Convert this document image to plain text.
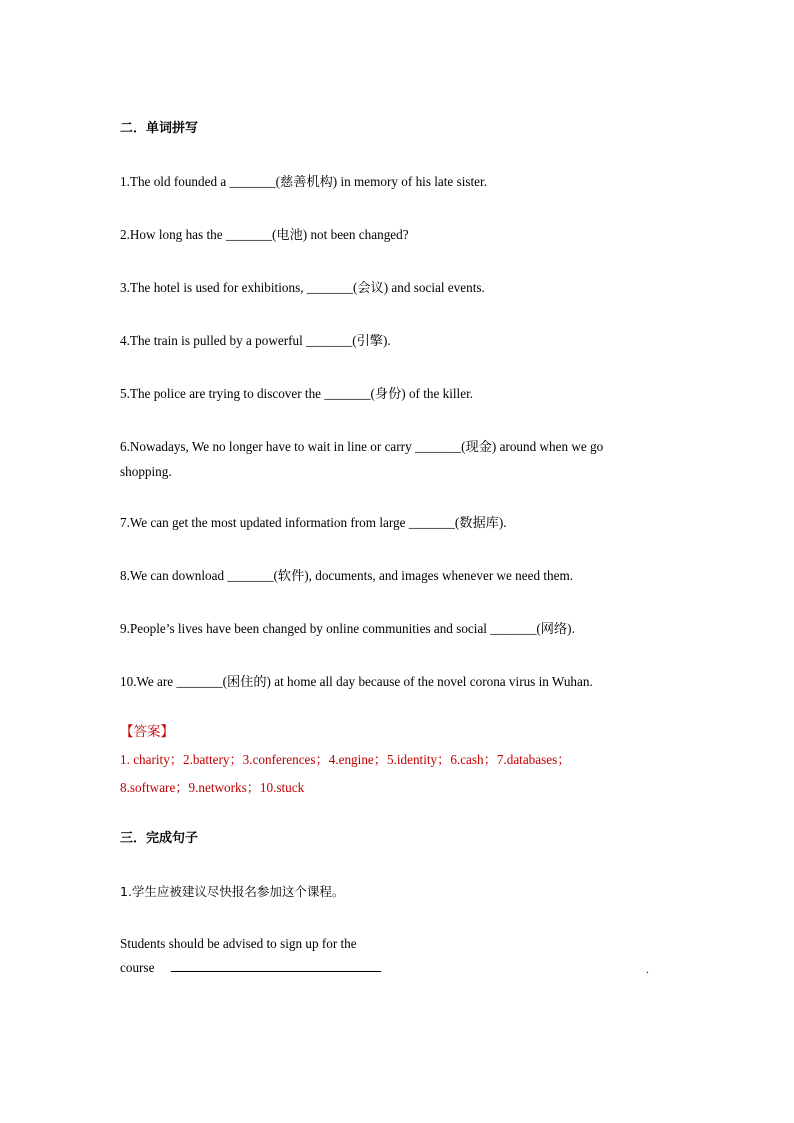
二．单词拼写
1.The old founded a _______(慈善机构) in memory of his late sister.
2.How long has the _______(电池) not been changed?
3.The hotel is used for exhibitions, _______(会议) and social events.
4.The train is pulled by a powerful _______(引擎).
5.The police are trying to discover the _______(身份) of the killer.
6.Nowadays, We no longer have to wait in line or carry _______(现金) around when we go
shopping.
7.We can get the most updated information from large _______(数据库).
8.We can download _______(软件), documents, and images whenever we need them.
9.People’s lives have been changed by online communities and social _______(网络).
10.We are _______(困住的) at home all day because of the novel corona virus in Wuhan.
【答案】
1. charity；2.battery；3.conferences；4.engine；5.identity；6.cash；7.databases；
8.software；9.networks；10.stuck
三．完成句子
1.学生应被建议尽快报名参加这个课程。
Students should be advised to sign up for the
course	.
